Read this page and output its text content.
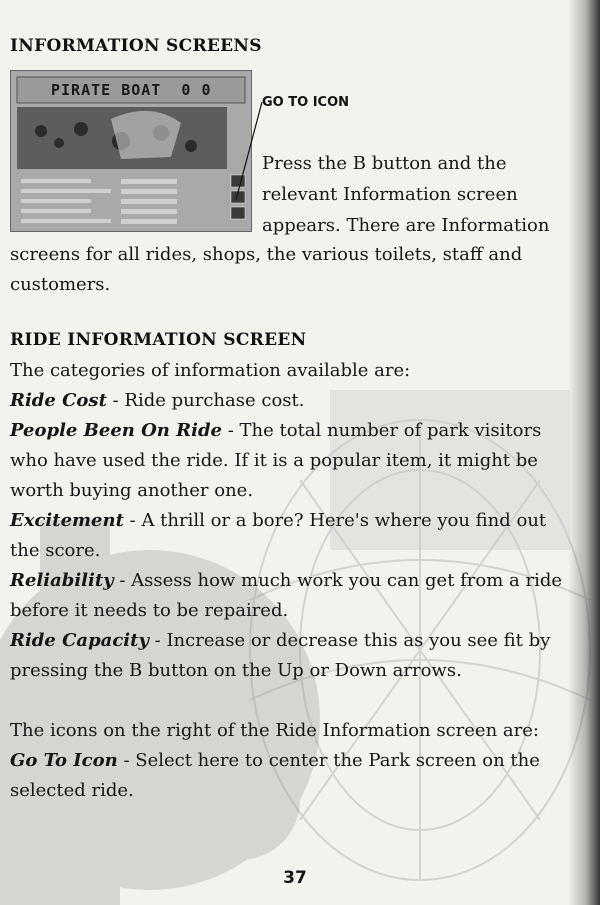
INFORMATION SCREENS
PIRATE BOAT  0 0
GO TO ICON

Press the B button and the
relevant Information screen
appears. There are Information

screens for all rides, shops, the various toilets, staff and
customers.

RIDE INFORMATION SCREEN

The categories of information available are:

Ride Cost - Ride purchase cost.

People Been On Ride - The total number of park visitors who have used the ride. If it is a popular item, it might be worth buying another one.

Excitement - A thrill or a bore? Here's where you find out the score.

Reliability - Assess how much work you can get from a ride before it needs to be repaired.

Ride Capacity - Increase or decrease this as you see fit by pressing the B button on the Up or Down arrows.

The icons on the right of the Ride Information screen are:

Go To Icon - Select here to center the Park screen on the selected ride.

37
